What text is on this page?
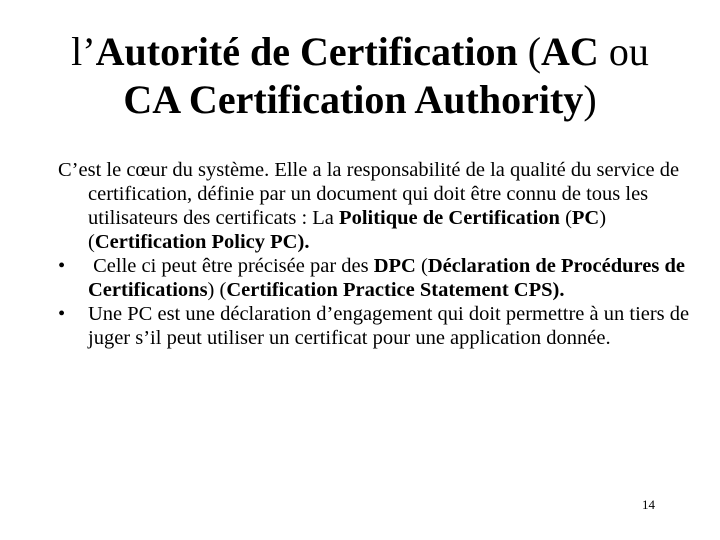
l’Autorité de Certification (AC ou
CA Certification Authority)
C’est le cœur du système. Elle a la responsabilité de la qualité du service de certification, définie par un document qui doit être connu de tous les utilisateurs des certificats : La Politique de Certification (PC) (Certification Policy PC).
• Celle ci peut être précisée par des DPC (Déclaration de Procédures de Certifications) (Certification Practice Statement CPS).
• Une PC est une déclaration d’engagement qui doit permettre à un tiers de juger s’il peut utiliser un certificat pour une application donnée.
14
